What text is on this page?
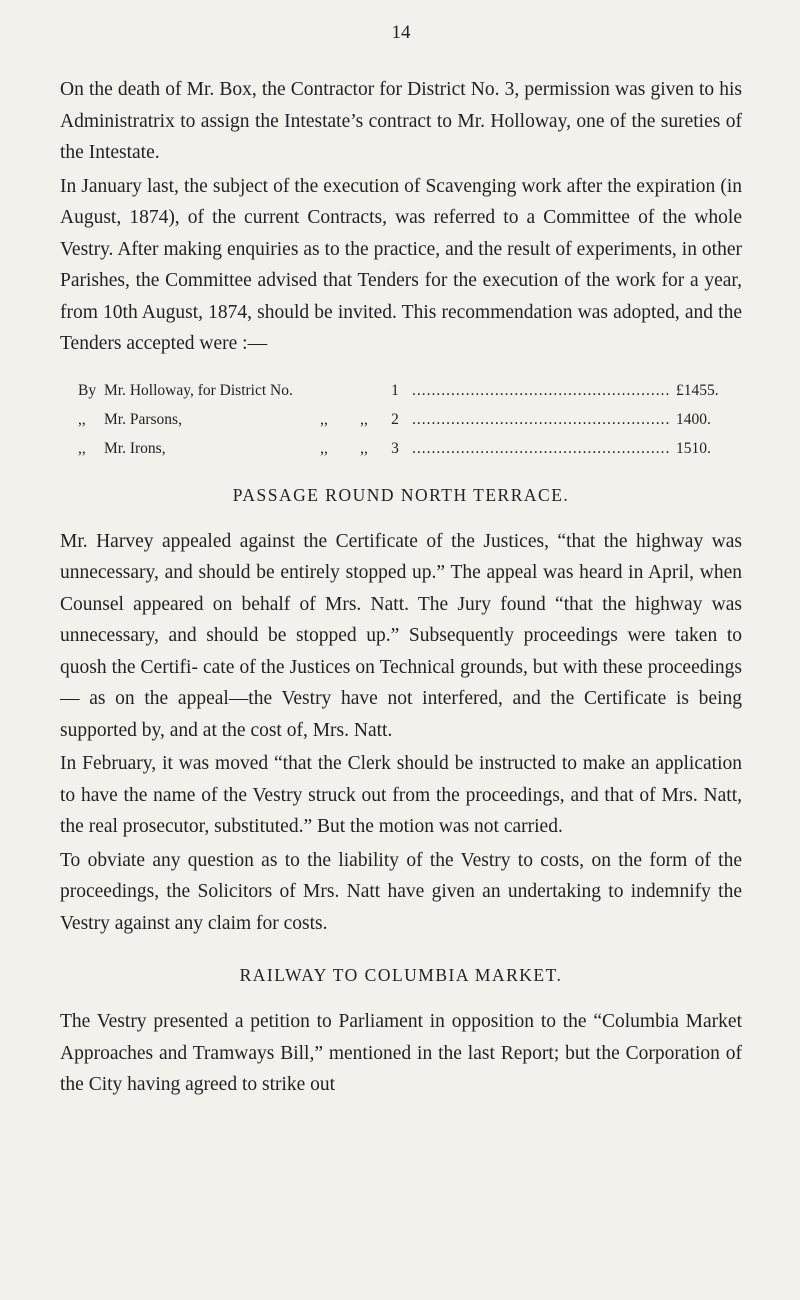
14

On the death of Mr. Box, the Contractor for District No. 3, permission was given to his Administratrix to assign the Intestate’s contract to Mr. Holloway, one of the sureties of the Intestate.

In January last, the subject of the execution of Scavenging work after the expiration (in August, 1874), of the current Contracts, was referred to a Committee of the whole Vestry. After making enquiries as to the practice, and the result of experiments, in other Parishes, the Committee advised that Tenders for the execution of the work for a year, from 10th August, 1874, should be invited. This recommendation was adopted, and the Tenders accepted were :—

By Mr. Holloway, for District No.	1 .....	£1455.
,,	Mr. Parsons,	,,	,,	2 .....	1400.
,,	Mr. Irons,	,,	,,	3 .....	1510.
PASSAGE ROUND NORTH TERRACE.

Mr. Harvey appealed against the Certificate of the Justices, “that the highway was unnecessary, and should be entirely stopped up.” The appeal was heard in April, when Counsel appeared on behalf of Mrs. Natt. The Jury found “that the highway was unnecessary, and should be stopped up.” Subsequently proceedings were taken to quosh the Certifi- cate of the Justices on Technical grounds, but with these proceedings— as on the appeal—the Vestry have not interfered, and the Certificate is being supported by, and at the cost of, Mrs. Natt.

In February, it was moved “that the Clerk should be instructed to make an application to have the name of the Vestry struck out from the proceedings, and that of Mrs. Natt, the real prosecutor, substituted.” But the motion was not carried.

To obviate any question as to the liability of the Vestry to costs, on the form of the proceedings, the Solicitors of Mrs. Natt have given an undertaking to indemnify the Vestry against any claim for costs.

RAILWAY TO COLUMBIA MARKET.

The Vestry presented a petition to Parliament in opposition to the “Columbia Market Approaches and Tramways Bill,” mentioned in the last Report; but the Corporation of the City having agreed to strike out
